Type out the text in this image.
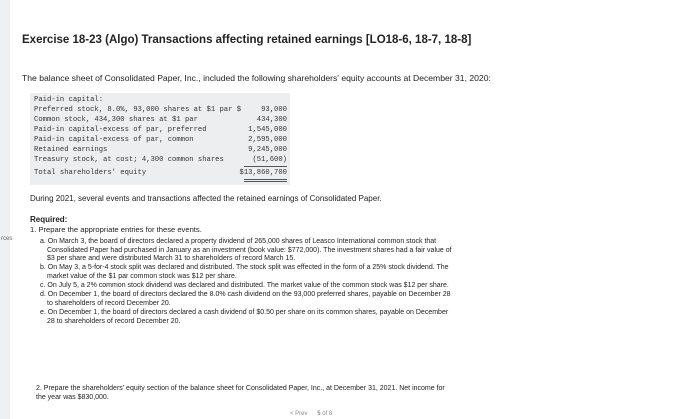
rces
Exercise 18-23 (Algo) Transactions affecting retained earnings [LO18-6, 18-7, 18-8]
The balance sheet of Consolidated Paper, Inc., included the following shareholders' equity accounts at December 31, 2020:
Paid-in capital:
Preferred stock, 8.0%, 93,000 shares at $1 par $	93,000
Common stock, 434,300 shares at $1 par	434,300
Paid-in capital-excess of par, preferred	1,545,000
Paid-in capital-excess of par, common	2,595,000
Retained earnings	9,245,000
Treasury stock, at cost; 4,300 common shares	(51,600)
Total shareholders' equity	$13,860,700
During 2021, several events and transactions affected the retained earnings of Consolidated Paper.
Required:
1. Prepare the appropriate entries for these events.
a. On March 3, the board of directors declared a property dividend of 265,000 shares of Leasco International common stock that
Consolidated Paper had purchased in January as an investment (book value: $772,000). The investment shares had a fair value of
$3 per share and were distributed March 31 to shareholders of record March 15.
b. On May 3, a 5-for-4 stock split was declared and distributed. The stock split was effected in the form of a 25% stock dividend. The
market value of the $1 par common stock was $12 per share.
c. On July 5, a 2% common stock dividend was declared and distributed. The market value of the common stock was $12 per share.
d. On December 1, the board of directors declared the 8.0% cash dividend on the 93,000 preferred shares, payable on December 28
to shareholders of record December 20.
e. On December 1, the board of directors declared a cash dividend of $0.50 per share on its common shares, payable on December
28 to shareholders of record December 20.
2. Prepare the shareholders' equity section of the balance sheet for Consolidated Paper, Inc., at December 31, 2021. Net income for
the year was $830,000.
< Prev 5 of 8
